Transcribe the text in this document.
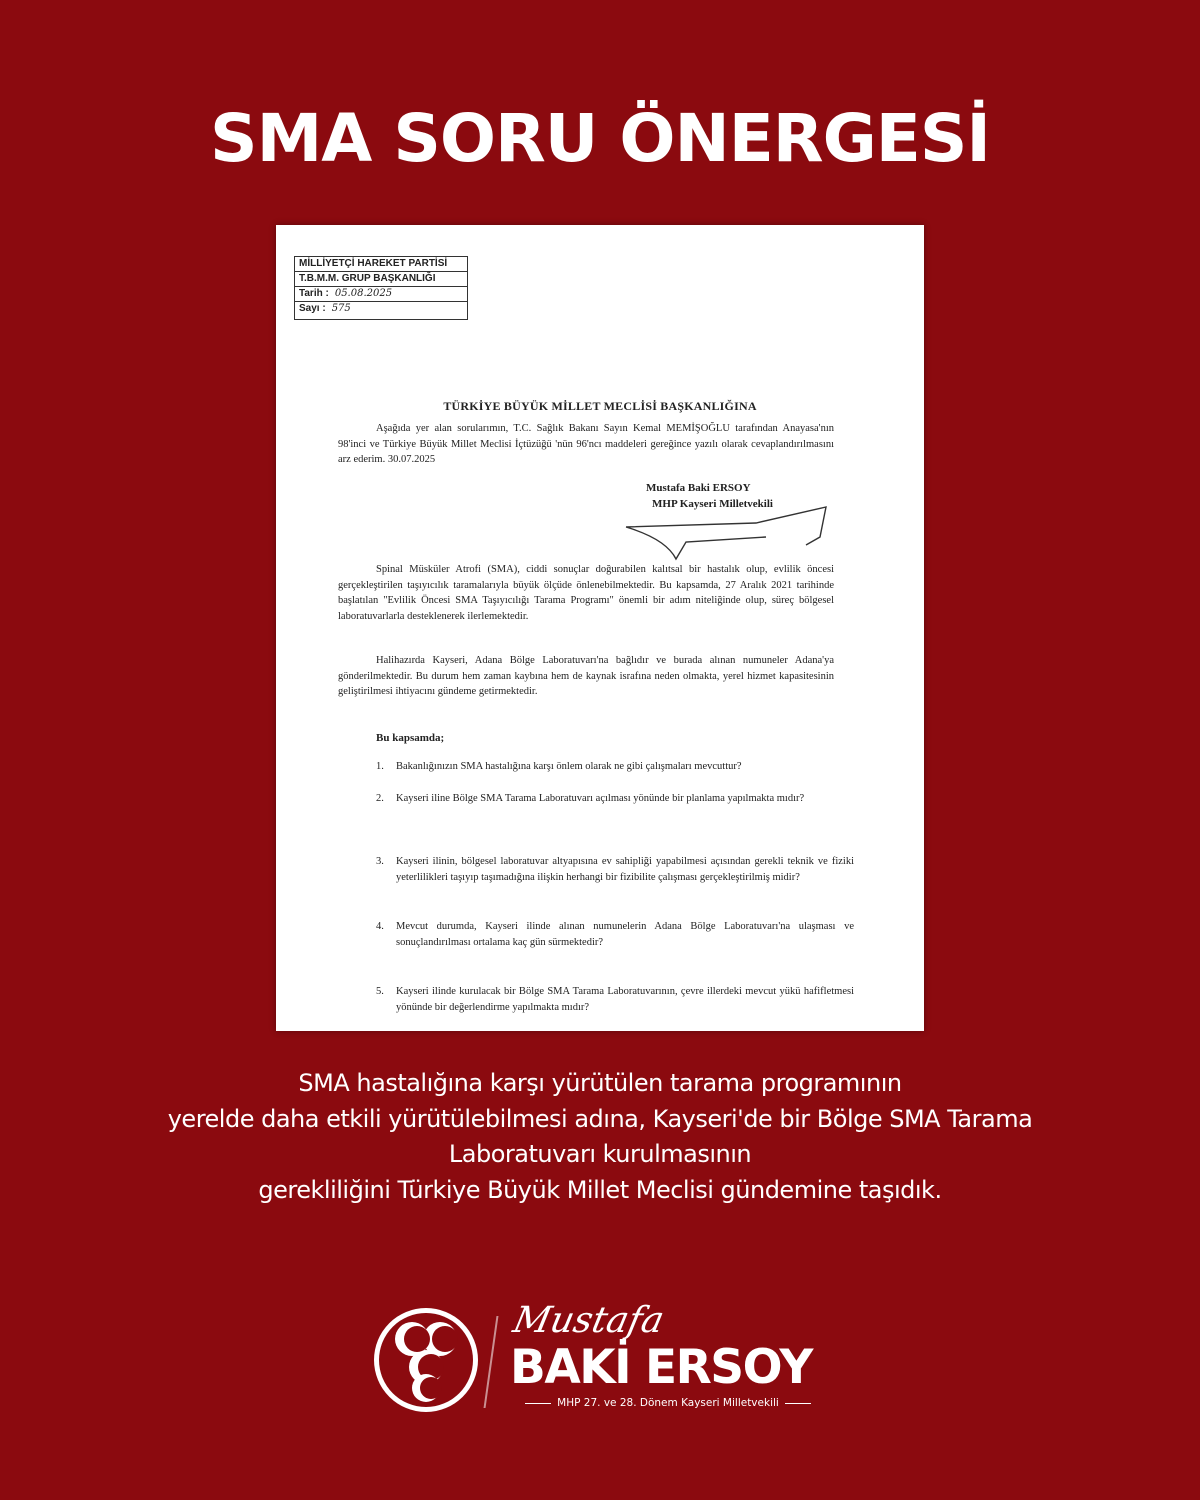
SMA SORU ÖNERGESİ
MİLLİYETÇİ HAREKET PARTİSİ
T.B.M.M. GRUP BAŞKANLIĞI
Tarih : 05.08.2025
Sayı : 575
TÜRKİYE BÜYÜK MİLLET MECLİSİ BAŞKANLIĞINA
Aşağıda yer alan sorularımın, T.C. Sağlık Bakanı Sayın Kemal MEMİŞOĞLU tarafından Anayasa'nın 98'inci ve Türkiye Büyük Millet Meclisi İçtüzüğü 'nün 96'ncı maddeleri gereğince yazılı olarak cevaplandırılmasını arz ederim. 30.07.2025
Mustafa Baki ERSOY
MHP Kayseri Milletvekili
Spinal Müsküler Atrofi (SMA), ciddi sonuçlar doğurabilen kalıtsal bir hastalık olup, evlilik öncesi gerçekleştirilen taşıyıcılık taramalarıyla büyük ölçüde önlenebilmektedir. Bu kapsamda, 27 Aralık 2021 tarihinde başlatılan "Evlilik Öncesi SMA Taşıyıcılığı Tarama Programı" önemli bir adım niteliğinde olup, süreç bölgesel laboratuvarlarla desteklenerek ilerlemektedir.
Halihazırda Kayseri, Adana Bölge Laboratuvarı'na bağlıdır ve burada alınan numuneler Adana'ya gönderilmektedir. Bu durum hem zaman kaybına hem de kaynak israfına neden olmakta, yerel hizmet kapasitesinin geliştirilmesi ihtiyacını gündeme getirmektedir.
Bu kapsamda;
1. Bakanlığınızın SMA hastalığına karşı önlem olarak ne gibi çalışmaları mevcuttur?
2. Kayseri iline Bölge SMA Tarama Laboratuvarı açılması yönünde bir planlama yapılmakta mıdır?
3. Kayseri ilinin, bölgesel laboratuvar altyapısına ev sahipliği yapabilmesi açısından gerekli teknik ve fiziki yeterlilikleri taşıyıp taşımadığına ilişkin herhangi bir fizibilite çalışması gerçekleştirilmiş midir?
4. Mevcut durumda, Kayseri ilinde alınan numunelerin Adana Bölge Laboratuvarı'na ulaşması ve sonuçlandırılması ortalama kaç gün sürmektedir?
5. Kayseri ilinde kurulacak bir Bölge SMA Tarama Laboratuvarının, çevre illerdeki mevcut yükü hafifletmesi yönünde bir değerlendirme yapılmakta mıdır?
SMA hastalığına karşı yürütülen tarama programının
yerelde daha etkili yürütülebilmesi adına, Kayseri'de bir Bölge SMA Tarama
Laboratuvarı kurulmasının
gerekliliğini Türkiye Büyük Millet Meclisi gündemine taşıdık.
Mustafa
BAKİ ERSOY
MHP 27. ve 28. Dönem Kayseri Milletvekili
